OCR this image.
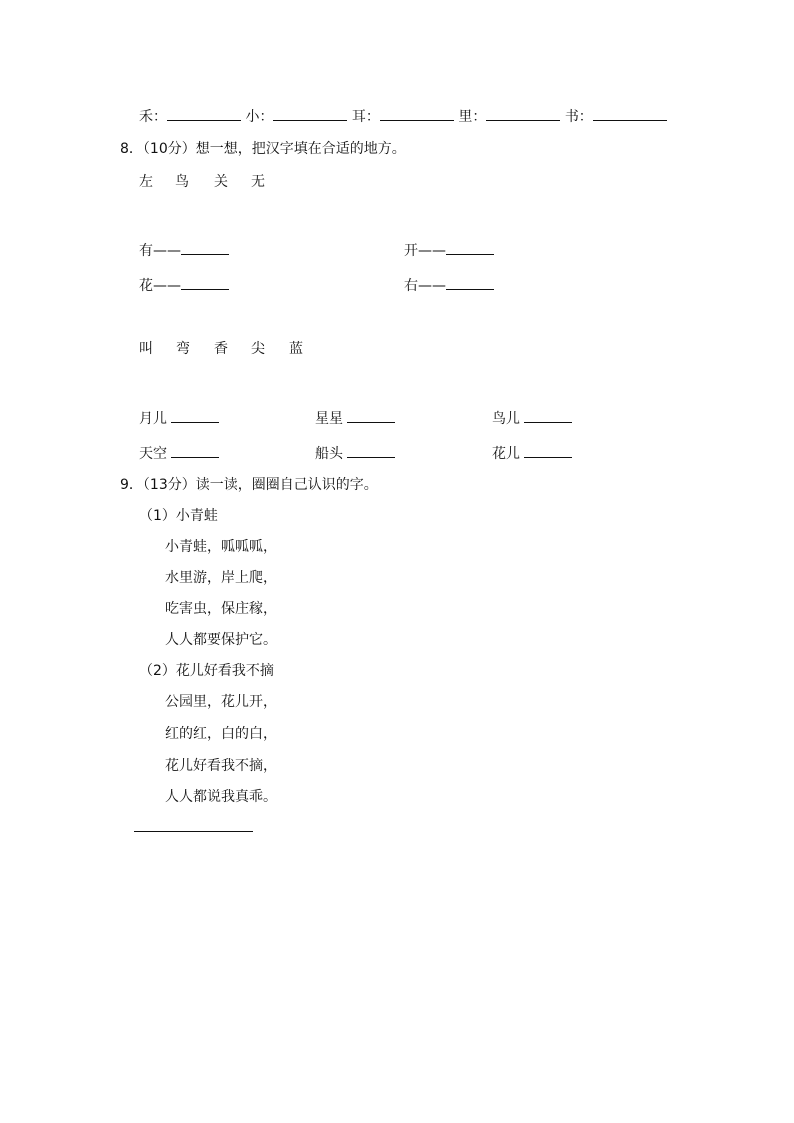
禾：	小：	耳：	里：	书：
8．（10分）想一想，把汉字填在合适的地方。
左 鸟 关 无
有——	开——
花——	右——
叫 弯 香 尖 蓝
月儿	星星	鸟儿
天空	船头	花儿
9．（13分）读一读，圈圈自己认识的字。
（1）小青蛙
小青蛙，呱呱呱，
水里游，岸上爬，
吃害虫，保庄稼，
人人都要保护它。
（2）花儿好看我不摘
公园里，花儿开，
红的红，白的白，
花儿好看我不摘，
人人都说我真乖。
